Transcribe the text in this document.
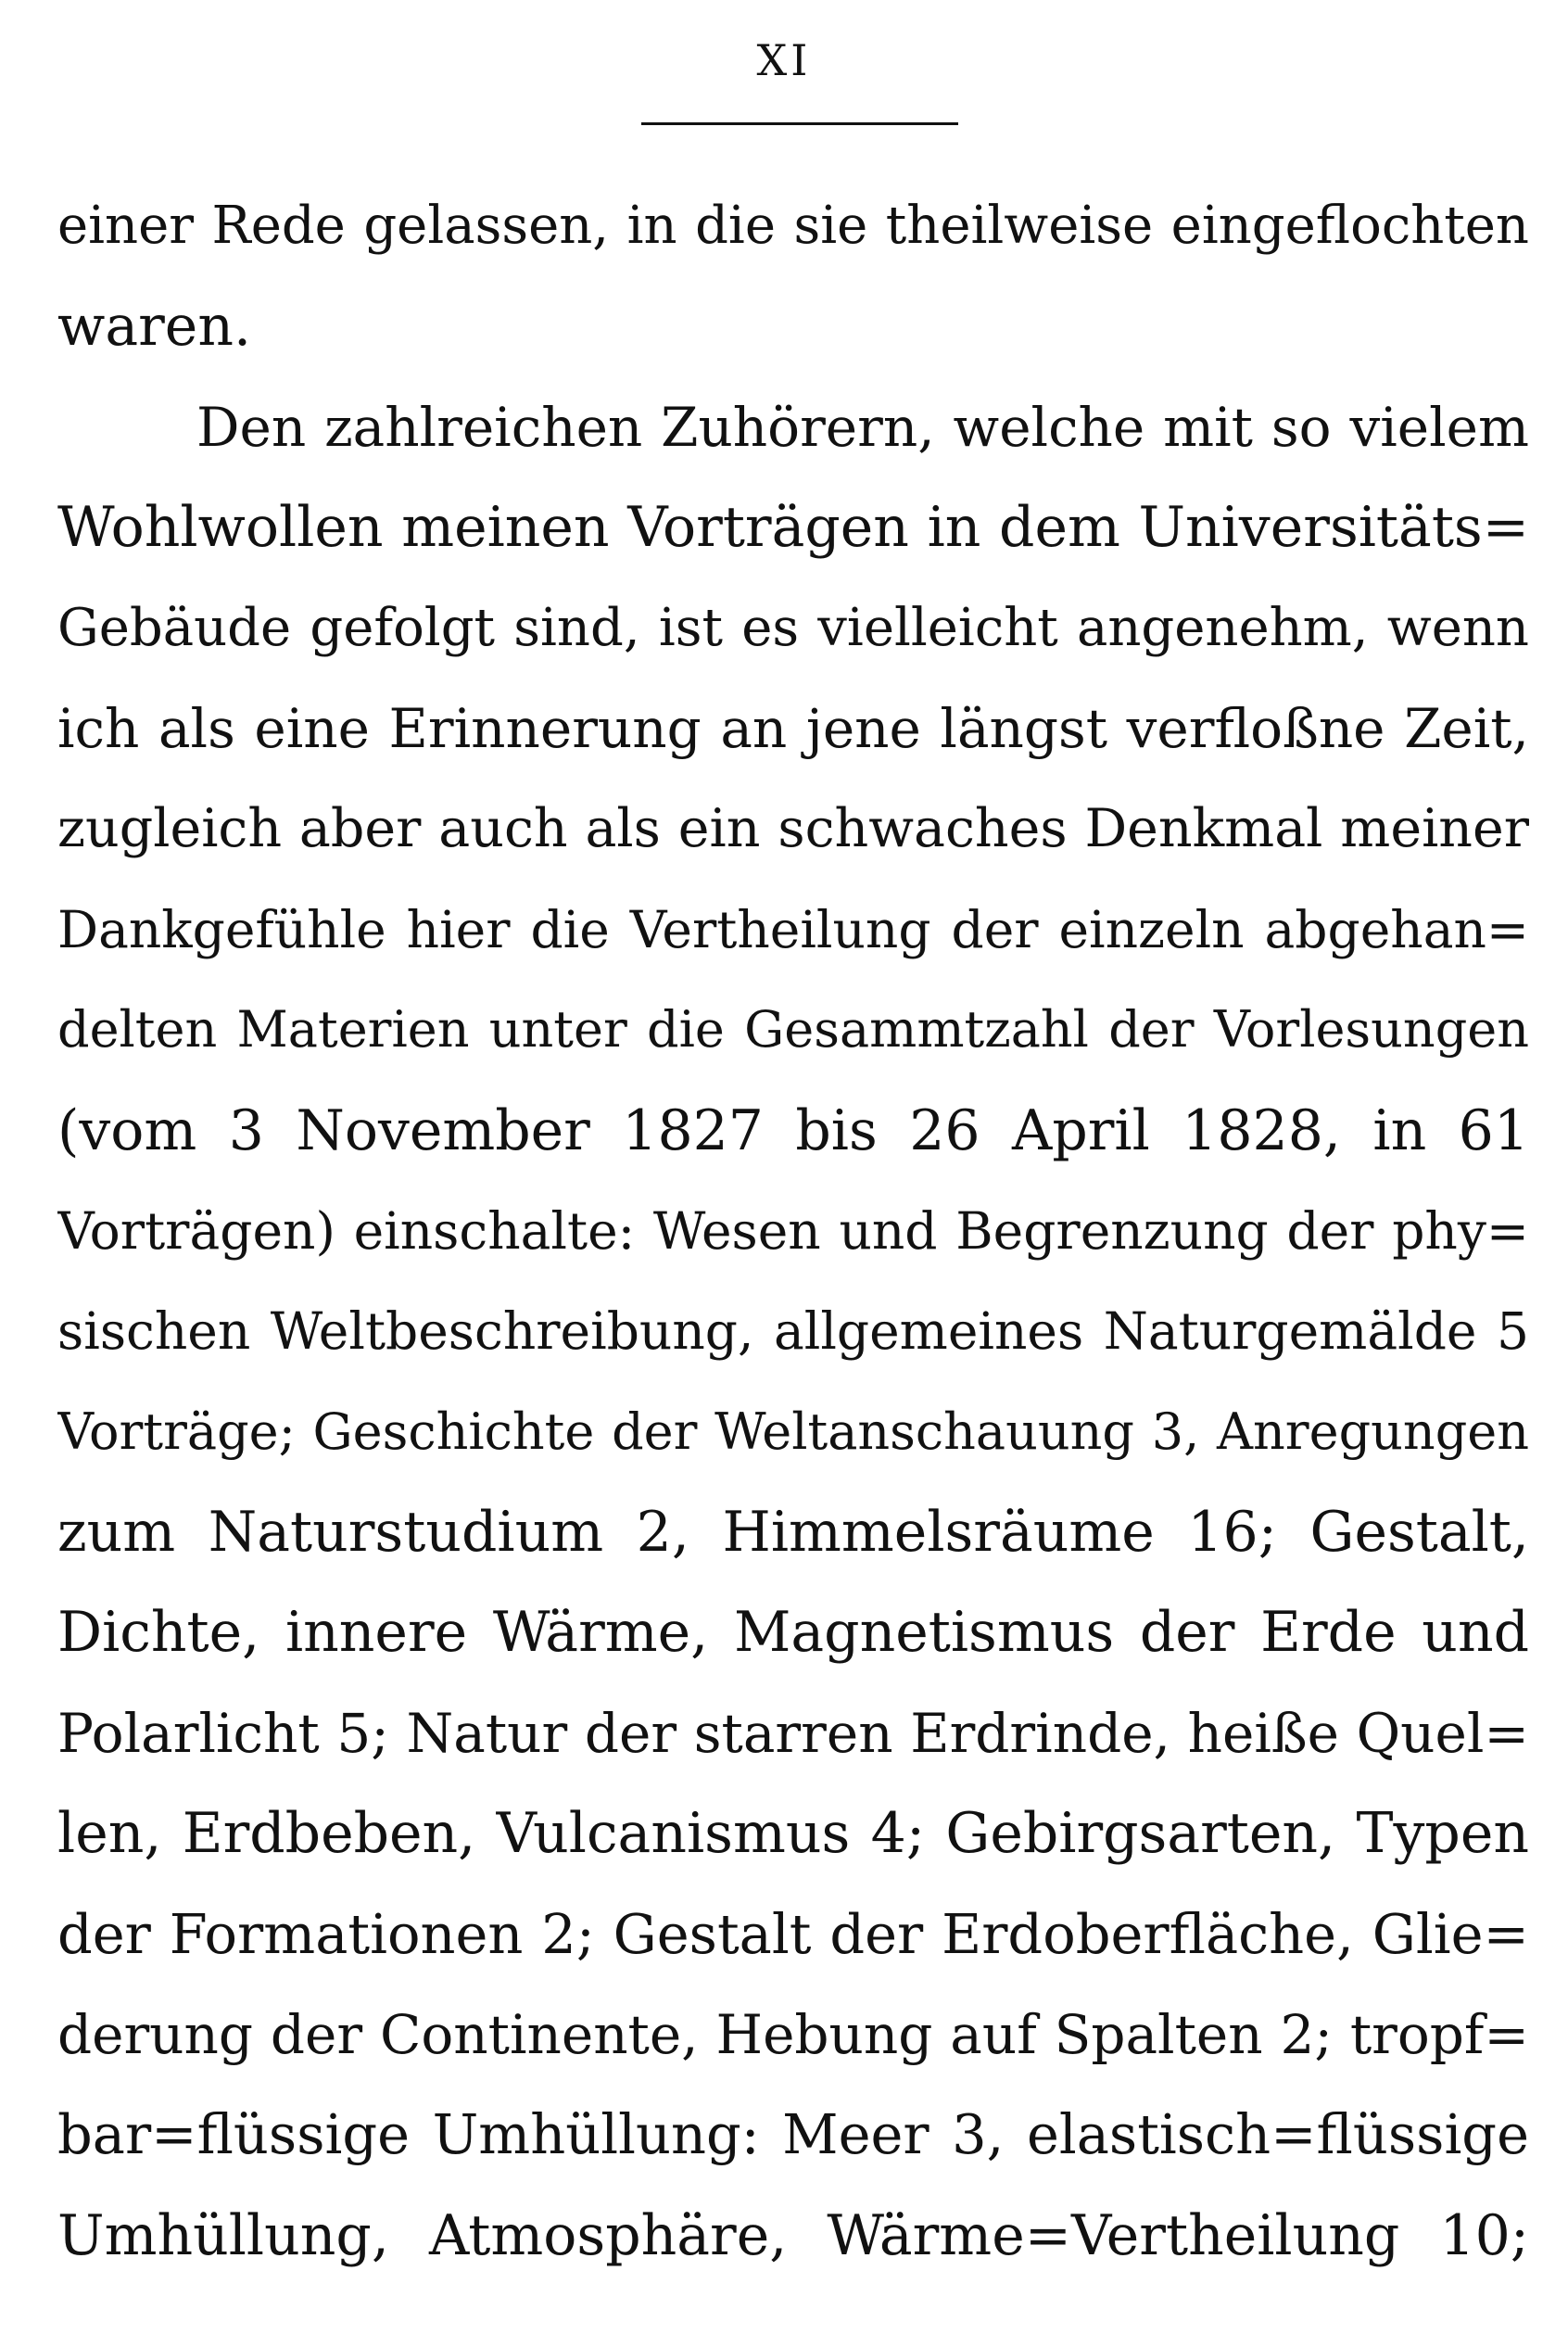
XI
einer Rede gelassen, in die sie theilweise eingeflochten
waren.
Den zahlreichen Zuhörern, welche mit so vielem
Wohlwollen meinen Vorträgen in dem Universitäts=
Gebäude gefolgt sind, ist es vielleicht angenehm, wenn
ich als eine Erinnerung an jene längst verfloßne Zeit,
zugleich aber auch als ein schwaches Denkmal meiner
Dankgefühle hier die Vertheilung der einzeln abgehan=
delten Materien unter die Gesammtzahl der Vorlesungen
(vom 3 November 1827 bis 26 April 1828, in 61
Vorträgen) einschalte: Wesen und Begrenzung der phy=
sischen Weltbeschreibung, allgemeines Naturgemälde 5
Vorträge; Geschichte der Weltanschauung 3, Anregungen
zum Naturstudium 2, Himmelsräume 16; Gestalt,
Dichte, innere Wärme, Magnetismus der Erde und
Polarlicht 5; Natur der starren Erdrinde, heiße Quel=
len, Erdbeben, Vulcanismus 4; Gebirgsarten, Typen
der Formationen 2; Gestalt der Erdoberfläche, Glie=
derung der Continente, Hebung auf Spalten 2; tropf=
bar=flüssige Umhüllung: Meer 3, elastisch=flüssige
Umhüllung, Atmosphäre, Wärme=Vertheilung 10;
